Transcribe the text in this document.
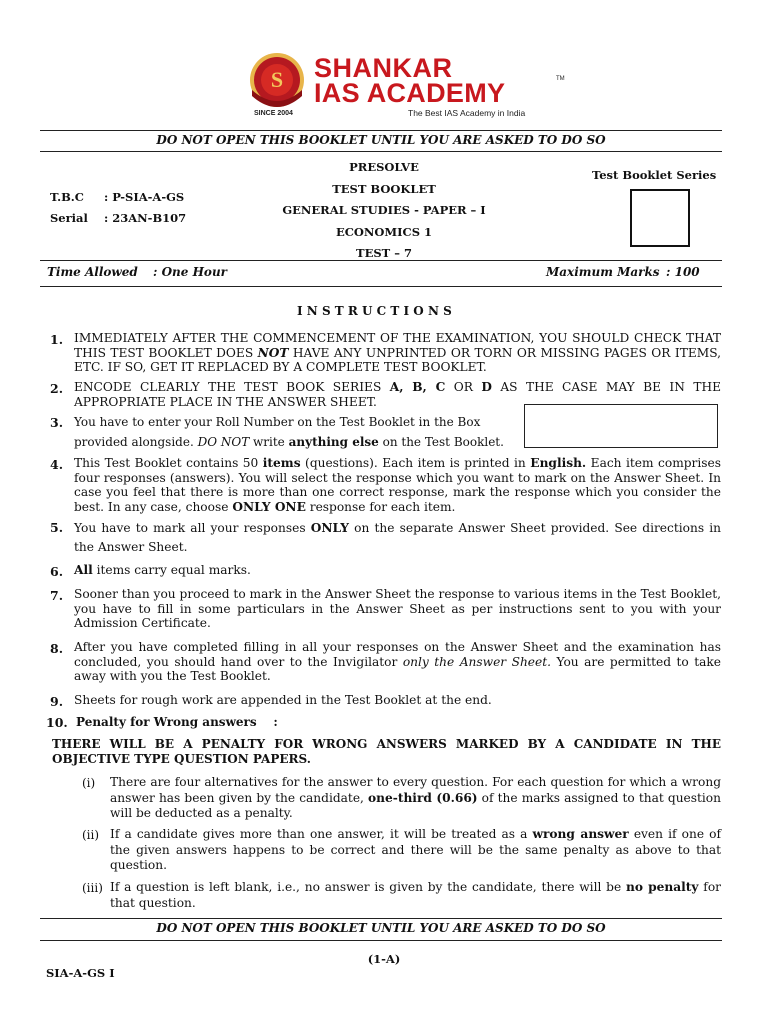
S
SINCE 2004
SHANKAR
IAS ACADEMY	TM
The Best IAS Academy in India
DO NOT OPEN THIS BOOKLET UNTIL YOU ARE ASKED TO DO SO
PRESOLVE
TEST BOOKLET
GENERAL STUDIES - PAPER – I
ECONOMICS 1
TEST – 7
T.B.C : P-SIA-A-GS
Serial : 23AN-B107
Test Booklet Series
Time Allowed : One Hour	Maximum Marks : 100
I N S T R U C T I O N S
1. IMMEDIATELY AFTER THE COMMENCEMENT OF THE EXAMINATION, YOU SHOULD CHECK THAT THIS TEST BOOKLET DOES NOT HAVE ANY UNPRINTED OR TORN OR MISSING PAGES OR ITEMS, ETC. IF SO, GET IT REPLACED BY A COMPLETE TEST BOOKLET.
2. ENCODE CLEARLY THE TEST BOOK SERIES A, B, C OR D AS THE CASE MAY BE IN THE APPROPRIATE PLACE IN THE ANSWER SHEET.
3. You have to enter your Roll Number on the Test Booklet in the Box
provided alongside. DO NOT write anything else on the Test Booklet.
4. This Test Booklet contains 50 items (questions). Each item is printed in English. Each item comprises four responses (answers). You will select the response which you want to mark on the Answer Sheet. In case you feel that there is more than one correct response, mark the response which you consider the best. In any case, choose ONLY ONE response for each item.
5. You have to mark all your responses ONLY on the separate Answer Sheet provided. See directions in the Answer Sheet.
6. All items carry equal marks.
7. Sooner than you proceed to mark in the Answer Sheet the response to various items in the Test Booklet, you have to fill in some particulars in the Answer Sheet as per instructions sent to you with your Admission Certificate.
8. After you have completed filling in all your responses on the Answer Sheet and the examination has concluded, you should hand over to the Invigilator only the Answer Sheet. You are permitted to take away with you the Test Booklet.
9. Sheets for rough work are appended in the Test Booklet at the end.
10. Penalty for Wrong answers    :
THERE WILL BE A PENALTY FOR WRONG ANSWERS MARKED BY A CANDIDATE IN THE OBJECTIVE TYPE QUESTION PAPERS.
(i) There are four alternatives for the answer to every question. For each question for which a wrong answer has been given by the candidate, one-third (0.66) of the marks assigned to that question will be deducted as a penalty.
(ii) If a candidate gives more than one answer, it will be treated as a wrong answer even if one of the given answers happens to be correct and there will be the same penalty as above to that question.
(iii) If a question is left blank, i.e., no answer is given by the candidate, there will be no penalty for that question.
DO NOT OPEN THIS BOOKLET UNTIL YOU ARE ASKED TO DO SO
(1-A)
SIA-A-GS I
